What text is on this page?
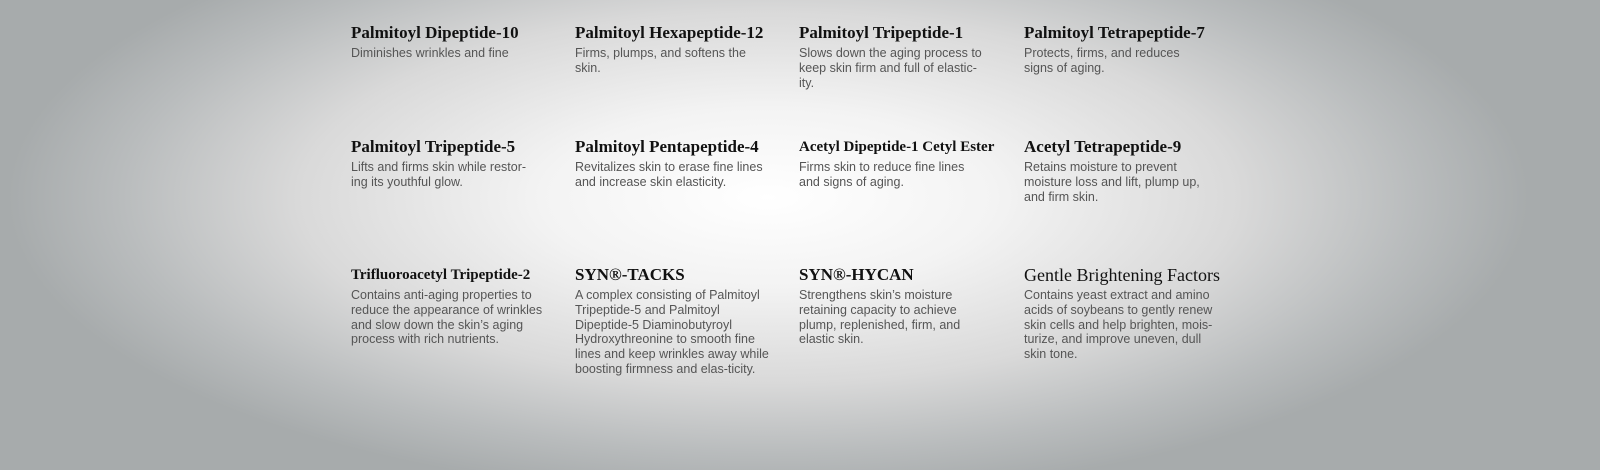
Palmitoyl Dipeptide-10

Diminishes wrinkles and fine

Palmitoyl Hexapeptide-12

Firms, plumps, and softens the skin.

Palmitoyl Tripeptide-1

Slows down the aging process to keep skin firm and full of elastic-ity.

Palmitoyl Tetrapeptide-7

Protects, firms, and reduces signs of aging.

Palmitoyl Tripeptide-5

Lifts and firms skin while restor-ing its youthful glow.

Palmitoyl Pentapeptide-4

Revitalizes skin to erase fine lines and increase skin elasticity.

Acetyl Dipeptide-1 Cetyl Ester

Firms skin to reduce fine lines and signs of aging.

Acetyl Tetrapeptide-9

Retains moisture to prevent moisture loss and lift, plump up, and firm skin.

Trifluoroacetyl Tripeptide-2

Contains anti-aging properties to reduce the appearance of wrinkles and slow down the skin’s aging process with rich nutrients.

SYN®-TACKS

A complex consisting of Palmitoyl Tripeptide-5 and Palmitoyl Dipeptide-5 Diaminobutyroyl Hydroxythreonine to smooth fine lines and keep wrinkles away while boosting firmness and elas-ticity.

SYN®-HYCAN

Strengthens skin’s moisture retaining capacity to achieve plump, replenished, firm, and elastic skin.

Gentle Brightening Factors

Contains yeast extract and amino acids of soybeans to gently renew skin cells and help brighten, mois-turize, and improve uneven, dull skin tone.
